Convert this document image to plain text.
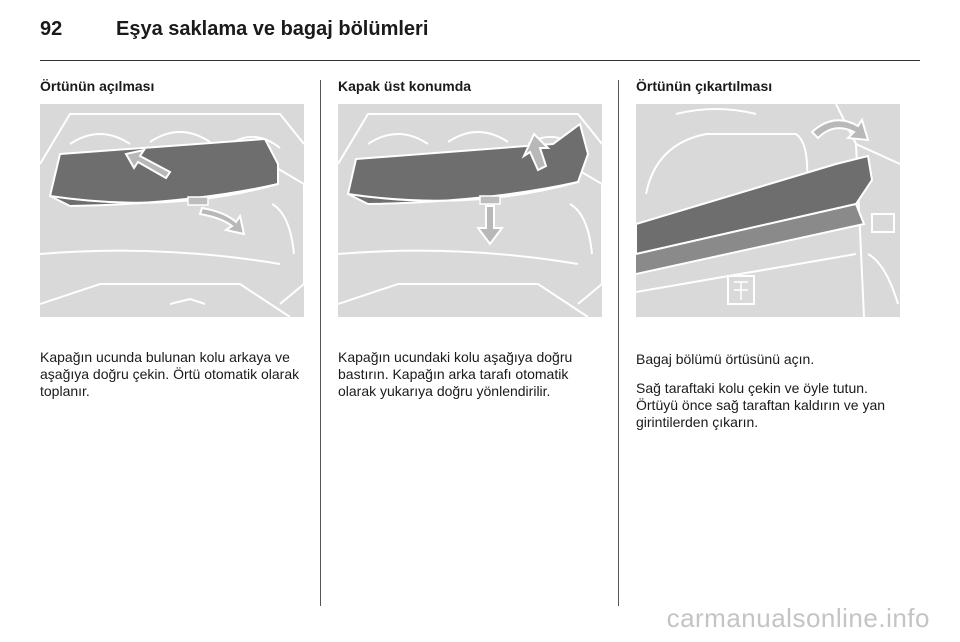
92	Eşya saklama ve bagaj bölümleri
Örtünün açılması

Kapağın ucunda bulunan kolu arkaya ve aşağıya doğru çekin. Örtü otomatik olarak toplanır.

Kapak üst konumda

Kapağın ucundaki kolu aşağıya doğru bastırın. Kapağın arka tarafı otomatik olarak yukarıya doğru yönlendirilir.

Örtünün çıkartılması

Bagaj bölümü örtüsünü açın.

Sağ taraftaki kolu çekin ve öyle tutun. Örtüyü önce sağ taraftan kaldırın ve yan girintilerden çıkarın.

carmanualsonline.info
